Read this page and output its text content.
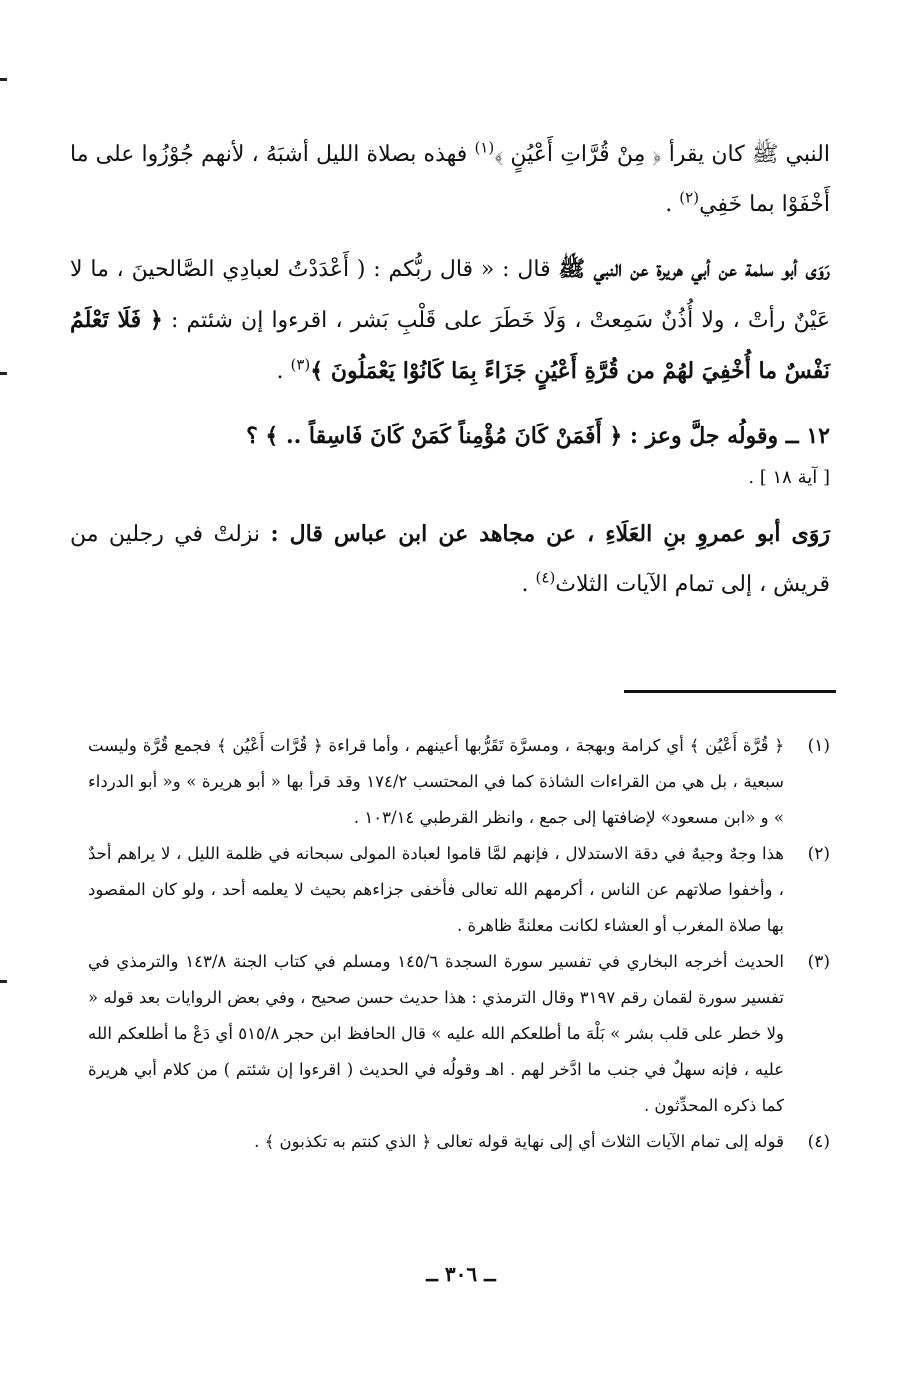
النبي ﷺ كان يقرأ ﴿ مِنْ قُرَّاتِ أَعْيُنٍ ﴾$^{(١)}$ فهذه بصلاة الليل أشبَهُ ، لأنهم جُوْزُوا على ما أَخْفَوْا بما خَفِي$^{(٢)}$ .

رَوَى أبو سلمة عن أبي هريرة عن النبي ﷺ قال : « قال ربُّكم : ( أَعْدَدْتُ لعبادِي الصَّالحينَ ، ما لا عَيْنٌ رأتْ ، ولا أُذُنٌ سَمِعتْ ، وَلَا خَطَرَ على قَلْبِ بَشر ، اقرءوا إن شئتم : ﴿ فَلَا تَعْلَمُ نَفْسٌ ما أُخْفِيَ لهُمْ من قُرَّةِ أَعْيُنٍ جَزَاءً بِمَا كَانُوْا يَعْمَلُونَ ﴾$^{(٣)}$ .

١٢ ــ وقولُه جلَّ وعز : ﴿ أَفَمَنْ كَانَ مُؤْمِناً كَمَنْ كَانَ فَاسِقاً .. ﴾ ؟

[ آية ١٨ ] .

رَوَى أبو عمروِ بنِ العَلَاءِ ، عن مجاهد عن ابن عباس قال : نزلتْ في رجلين من قريش ، إلى تمام الآيات الثلاث$^{(٤)}$ .

(١)
﴿ قُرَّة أَعْيُن ﴾ أي كرامة وبهجة ، ومسرَّة تَقَرُّبها أعينهم ، وأما قراءة ﴿ قُرَّات أَعْيُن ﴾ فجمع قُرَّة وليست سبعية ، بل هي من القراءات الشاذة كما في المحتسب ١٧٤/٢ وقد قرأ بها « أبو هريرة » و« أبو الدرداء » و «ابن مسعود» لإضافتها إلى جمع ، وانظر القرطبي ١٠٣/١٤ .
(٢)
هذا وجهٌ وجيهٌ في دقة الاستدلال ، فإنهم لمَّا قاموا لعبادة المولى سبحانه في ظلمة الليل ، لا يراهم أحدٌ ، وأخفوا صلاتهم عن الناس ، أكرمهم الله تعالى فأخفى جزاءهم بحيث لا يعلمه أحد ، ولو كان المقصود بها صلاة المغرب أو العشاء لكانت معلنةً ظاهرة .
(٣)
الحديث أخرجه البخاري في تفسير سورة السجدة ١٤٥/٦ ومسلم في كتاب الجنة ١٤٣/٨ والترمذي في تفسير سورة لقمان رقم ٣١٩٧ وقال الترمذي : هذا حديث حسن صحيح ، وفي بعض الروايات بعد قوله « ولا خطر على قلب بشر » بَلْهَ ما أطلعكم الله عليه » قال الحافظ ابن حجر ٥١٥/٨ أي دَعْ ما أطلعكم الله عليه ، فإنه سهلٌ في جنب ما ادَّخر لهم . اهـ وقولُه في الحديث ( اقرءوا إن شئتم ) من كلام أبي هريرة كما ذكره المحدِّثون .
(٤)
قوله إلى تمام الآيات الثلاث أي إلى نهاية قوله تعالى ﴿ الذي كنتم به تكذبون ﴾ .
ــ ٣٠٦ ــ
